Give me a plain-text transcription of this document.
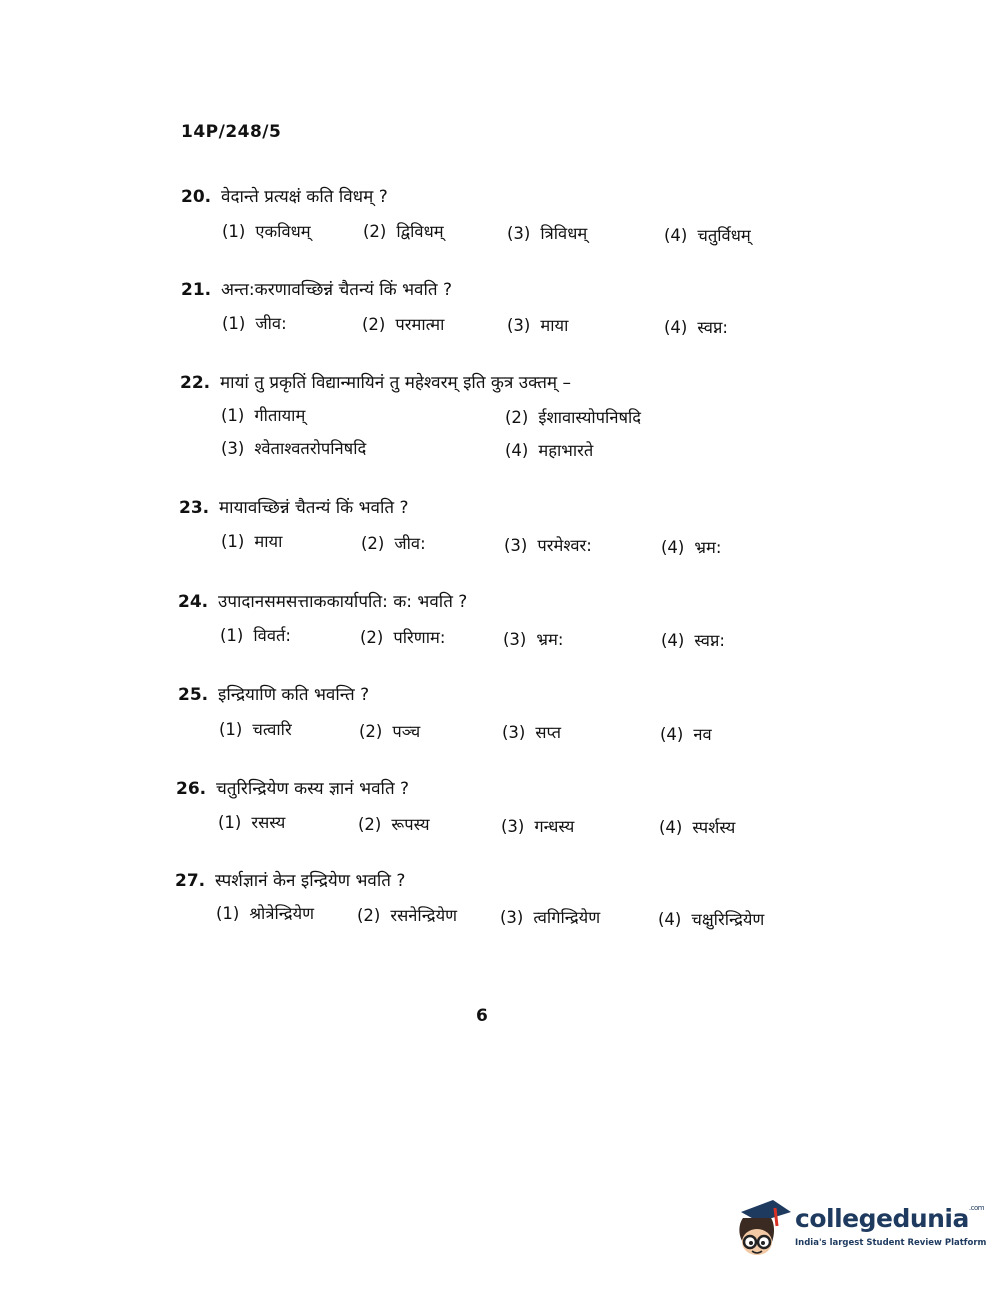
14P/248/5
20. वेदान्ते प्रत्यक्षं कति विधम् ?
(1) एकविधम्	(2) द्विविधम्	(3) त्रिविधम्	(4) चतुर्विधम्
21. अन्त:करणावच्छिन्नं चैतन्यं किं भवति ?
(1) जीव:	(2) परमात्मा	(3) माया	(4) स्वप्न:
22. मायां तु प्रकृतिं विद्यान्मायिनं तु महेश्वरम् इति कुत्र उक्तम् –
(1) गीतायाम्	(2) ईशावास्योपनिषदि
(3) श्वेताश्वतरोपनिषदि	(4) महाभारते
23. मायावच्छिन्नं चैतन्यं किं भवति ?
(1) माया	(2) जीव:	(3) परमेश्वर:	(4) भ्रम:
24. उपादानसमसत्ताककार्यापति: क: भवति ?
(1) विवर्त:	(2) परिणाम:	(3) भ्रम:	(4) स्वप्न:
25. इन्द्रियाणि कति भवन्ति ?
(1) चत्वारि	(2) पञ्च	(3) सप्त	(4) नव
26. चतुरिन्द्रियेण कस्य ज्ञानं भवति ?
(1) रसस्य	(2) रूपस्य	(3) गन्धस्य	(4) स्पर्शस्य
27. स्पर्शज्ञानं केन इन्द्रियेण भवति ?
(1) श्रोत्रेन्द्रियेण	(2) रसनेन्द्रियेण	(3) त्वगिन्द्रियेण	(4) चक्षुरिन्द्रियेण
6
collegedunia$^{.com}$
India's largest Student Review Platform
